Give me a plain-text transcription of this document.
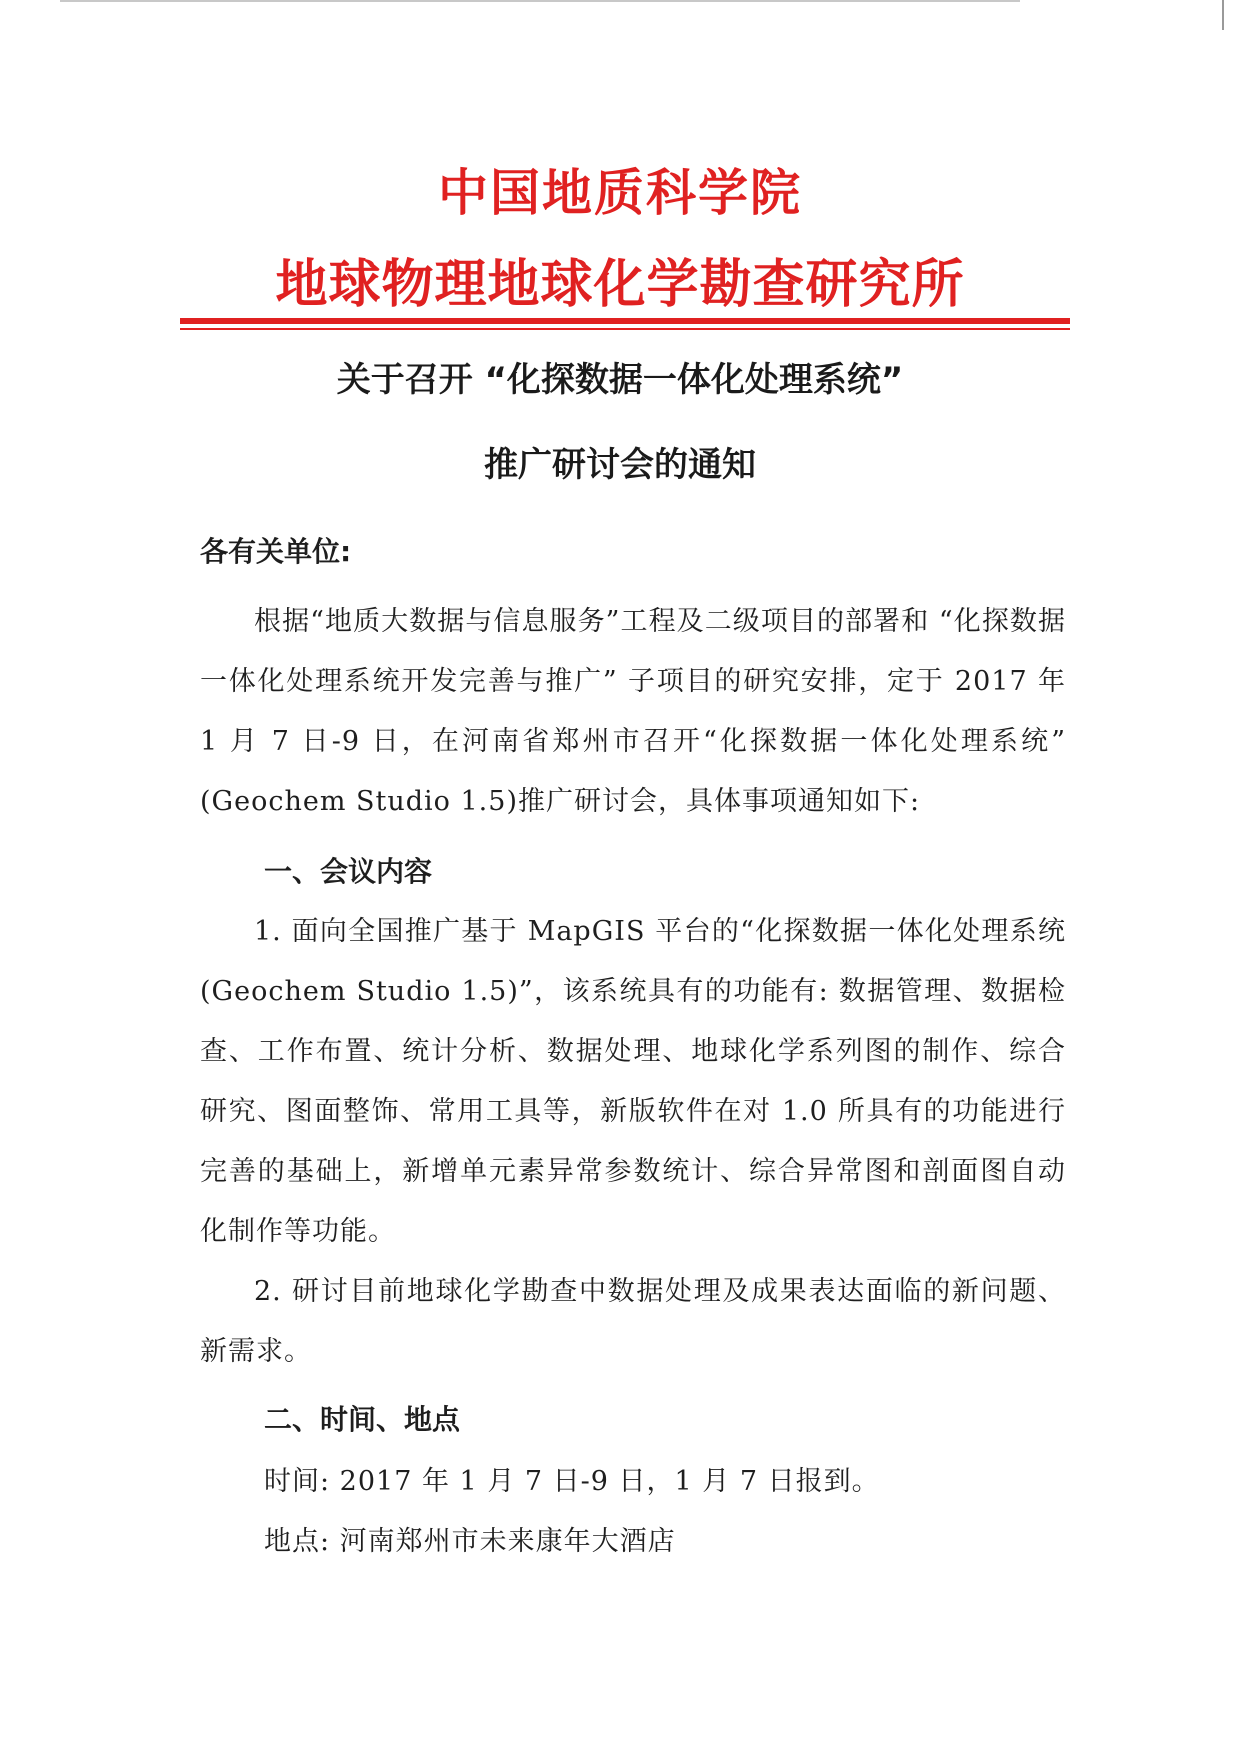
中国地质科学院
地球物理地球化学勘查研究所
关于召开 “化探数据一体化处理系统”
推广研讨会的通知
各有关单位:
根据“地质大数据与信息服务”工程及二级项目的部署和 “化探数据一体化处理系统开发完善与推广” 子项目的研究安排，定于 2017 年 1 月 7 日-9 日，在河南省郑州市召开“化探数据一体化处理系统” (Geochem Studio 1.5)推广研讨会，具体事项通知如下:
一、会议内容
1. 面向全国推广基于 MapGIS 平台的“化探数据一体化处理系统(Geochem Studio 1.5)”，该系统具有的功能有: 数据管理、数据检查、工作布置、统计分析、数据处理、地球化学系列图的制作、综合研究、图面整饰、常用工具等，新版软件在对 1.0 所具有的功能进行完善的基础上，新增单元素异常参数统计、综合异常图和剖面图自动化制作等功能。
2. 研讨目前地球化学勘查中数据处理及成果表达面临的新问题、新需求。
二、时间、地点
时间: 2017 年 1 月 7 日-9 日，1 月 7 日报到。
地点: 河南郑州市未来康年大酒店
